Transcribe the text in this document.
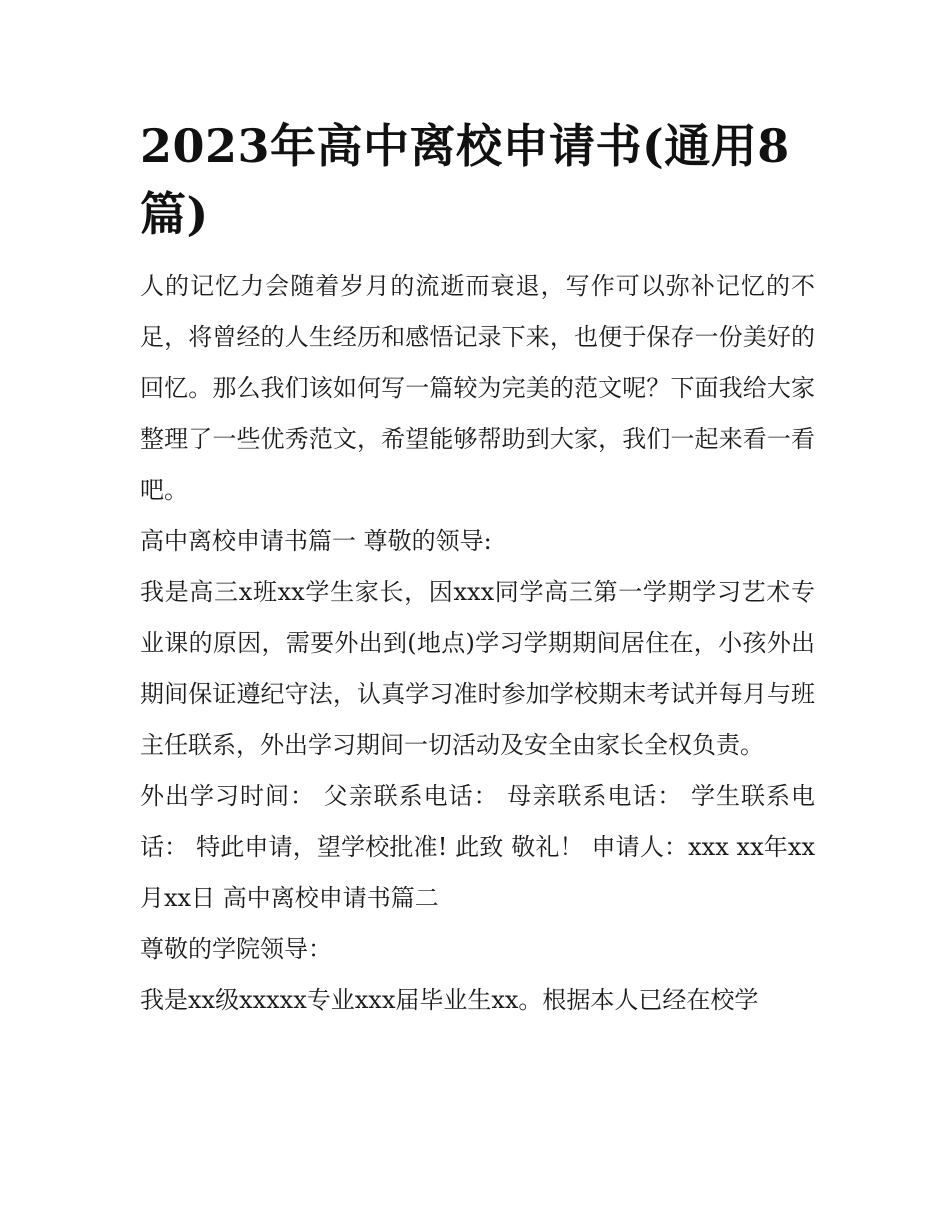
2023年高中离校申请书(通用8篇)

人的记忆力会随着岁月的流逝而衰退，写作可以弥补记忆的不足，将曾经的人生经历和感悟记录下来，也便于保存一份美好的回忆。那么我们该如何写一篇较为完美的范文呢？下面我给大家整理了一些优秀范文，希望能够帮助到大家，我们一起来看一看吧。

高中离校申请书篇一 尊敬的领导:

我是高三x班xx学生家长，因xxx同学高三第一学期学习艺术专业课的原因，需要外出到(地点)学习学期期间居住在，小孩外出期间保证遵纪守法，认真学习准时参加学校期末考试并每月与班主任联系，外出学习期间一切活动及安全由家长全权负责。

外出学习时间： 父亲联系电话： 母亲联系电话： 学生联系电话： 特此申请，望学校批准! 此致 敬礼！ 申请人：xxx xx年xx月xx日 高中离校申请书篇二

尊敬的学院领导：

我是xx级xxxxx专业xxx届毕业生xx。根据本人已经在校学
